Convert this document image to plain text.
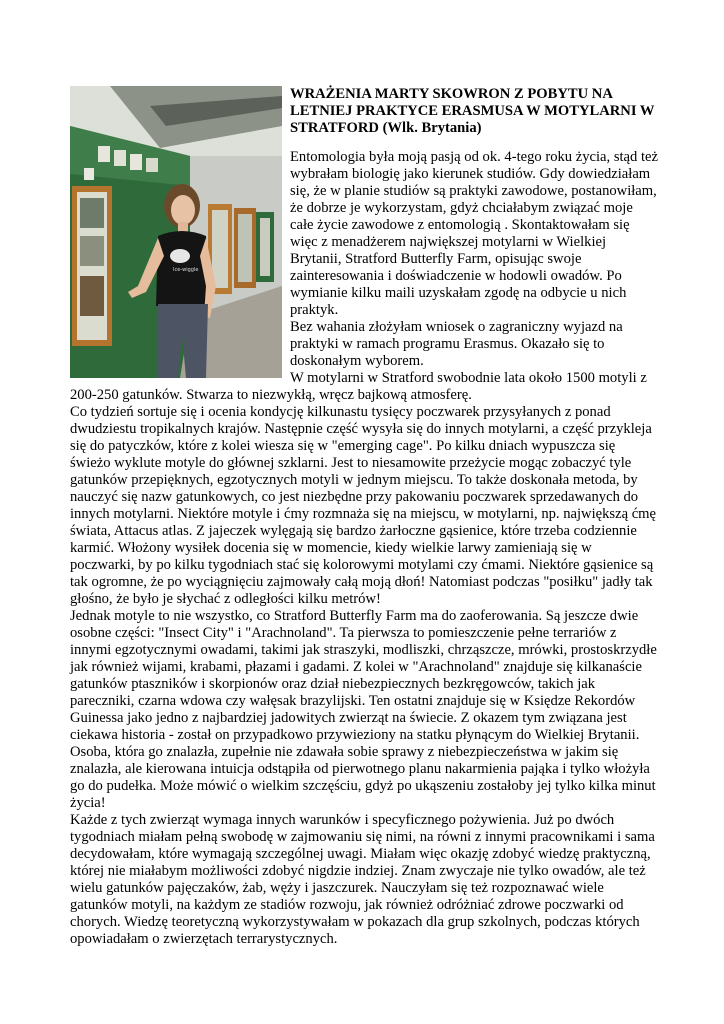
Ice-wiggle
WRAŻENIA MARTY SKOWRON Z POBYTU NA LETNIEJ PRAKTYCE ERASMUSA W MOTYLARNI W STRATFORD (Wlk. Brytania)

Entomologia była moją pasją od ok. 4-tego roku życia, stąd też wybrałam biologię jako kierunek studiów. Gdy dowiedziałam się, że w planie studiów są praktyki zawodowe, postanowiłam, że dobrze je wykorzystam, gdyż chciałabym związać moje całe życie zawodowe z entomologią . Skontaktowałam się więc z menadżerem największej motylarni w Wielkiej Brytanii, Stratford Butterfly Farm, opisując swoje zainteresowania i doświadczenie w hodowli owadów. Po wymianie kilku maili uzyskałam zgodę na odbycie u nich praktyk.

Bez wahania złożyłam wniosek o zagraniczny wyjazd na praktyki w ramach programu Erasmus. Okazało się to doskonałym wyborem.

W motylarni w Stratford swobodnie lata około 1500 motyli z 200-250 gatunków. Stwarza to niezwykłą, wręcz bajkową atmosferę.

Co tydzień sortuje się i ocenia kondycję kilkunastu tysięcy poczwarek przysyłanych z ponad dwudziestu tropikalnych krajów. Następnie część wysyła się do innych motylarni, a część przykleja się do patyczków, które z kolei wiesza się w "emerging cage". Po kilku dniach wypuszcza się świeżo wyklute motyle do głównej szklarni. Jest to niesamowite przeżycie mogąc zobaczyć tyle gatunków przepięknych, egzotycznych motyli w jednym miejscu. To także doskonała metoda, by nauczyć się nazw gatunkowych, co jest niezbędne przy pakowaniu poczwarek sprzedawanych do innych motylarni. Niektóre motyle i ćmy rozmnaża się na miejscu, w motylarni, np. największą ćmę świata, Attacus atlas. Z jajeczek wylęgają się bardzo żarłoczne gąsienice, które trzeba codziennie karmić. Włożony wysiłek docenia się w momencie, kiedy wielkie larwy zamieniają się w poczwarki, by po kilku tygodniach stać się kolorowymi motylami czy ćmami. Niektóre gąsienice są tak ogromne, że po wyciągnięciu zajmowały całą moją dłoń! Natomiast podczas "posiłku" jadły tak głośno, że było je słychać z odległości kilku metrów!

Jednak motyle to nie wszystko, co Stratford Butterfly Farm ma do zaoferowania. Są jeszcze dwie osobne części: "Insect City" i "Arachnoland". Ta pierwsza to pomieszczenie pełne terrariów z innymi egzotycznymi owadami, takimi jak straszyki, modliszki, chrząszcze, mrówki, prostoskrzydłe jak również wijami, krabami, płazami i gadami. Z kolei w "Arachnoland" znajduje się kilkanaście gatunków ptaszników i skorpionów oraz dział niebezpiecznych bezkręgowców, takich jak pareczniki, czarna wdowa czy wałęsak brazylijski. Ten ostatni znajduje się w Księdze Rekordów Guinessa jako jedno z najbardziej jadowitych zwierząt na świecie. Z okazem tym związana jest ciekawa historia - został on przypadkowo przywieziony na statku płynącym do Wielkiej Brytanii. Osoba, która go znalazła, zupełnie nie zdawała sobie sprawy z niebezpieczeństwa w jakim się znalazła, ale kierowana intuicja odstąpiła od pierwotnego planu nakarmienia pająka i tylko włożyła go do pudełka. Może mówić o wielkim szczęściu, gdyż po ukąszeniu zostałoby jej tylko kilka minut życia!

Każde z tych zwierząt wymaga innych warunków i specyficznego pożywienia. Już po dwóch tygodniach miałam pełną swobodę w zajmowaniu się nimi, na równi z innymi pracownikami i sama decydowałam, które wymagają szczególnej uwagi. Miałam więc okazję zdobyć wiedzę praktyczną, której nie miałabym możliwości zdobyć nigdzie indziej. Znam zwyczaje nie tylko owadów, ale też wielu gatunków pajęczaków, żab, węży i jaszczurek. Nauczyłam się też rozpoznawać wiele gatunków motyli, na każdym ze stadiów rozwoju, jak również odróżniać zdrowe poczwarki od chorych. Wiedzę teoretyczną wykorzystywałam w pokazach dla grup szkolnych, podczas których opowiadałam o zwierzętach terrarystycznych.
